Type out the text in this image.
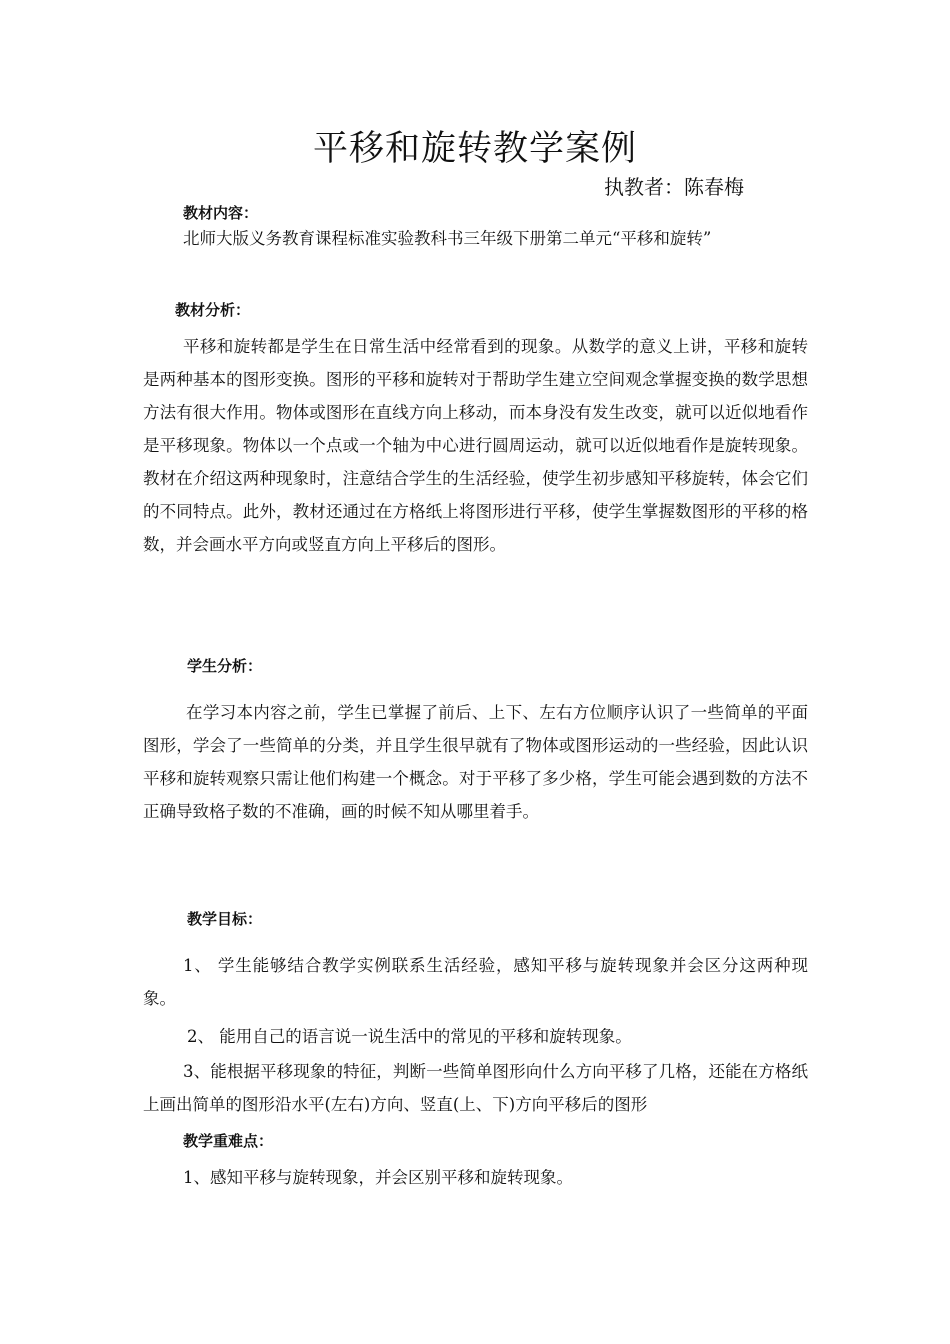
平移和旋转教学案例
执教者：陈春梅
教材内容：

北师大版义务教育课程标准实验教科书三年级下册第二单元“平移和旋转”

教材分析：

平移和旋转都是学生在日常生活中经常看到的现象。从数学的意义上讲，平移和旋转是两种基本的图形变换。图形的平移和旋转对于帮助学生建立空间观念掌握变换的数学思想方法有很大作用。物体或图形在直线方向上移动，而本身没有发生改变，就可以近似地看作是平移现象。物体以一个点或一个轴为中心进行圆周运动，就可以近似地看作是旋转现象。教材在介绍这两种现象时，注意结合学生的生活经验，使学生初步感知平移旋转，体会它们的不同特点。此外，教材还通过在方格纸上将图形进行平移，使学生掌握数图形的平移的格数，并会画水平方向或竖直方向上平移后的图形。

学生分析：

在学习本内容之前，学生已掌握了前后、上下、左右方位顺序认识了一些简单的平面图形，学会了一些简单的分类，并且学生很早就有了物体或图形运动的一些经验，因此认识平移和旋转观察只需让他们构建一个概念。对于平移了多少格，学生可能会遇到数的方法不正确导致格子数的不准确，画的时候不知从哪里着手。

教学目标：

1、 学生能够结合教学实例联系生活经验，感知平移与旋转现象并会区分这两种现象。

2、 能用自己的语言说一说生活中的常见的平移和旋转现象。

3、能根据平移现象的特征，判断一些简单图形向什么方向平移了几格，还能在方格纸上画出简单的图形沿水平(左右)方向、竖直(上、下)方向平移后的图形

教学重难点：

1、感知平移与旋转现象，并会区别平移和旋转现象。
